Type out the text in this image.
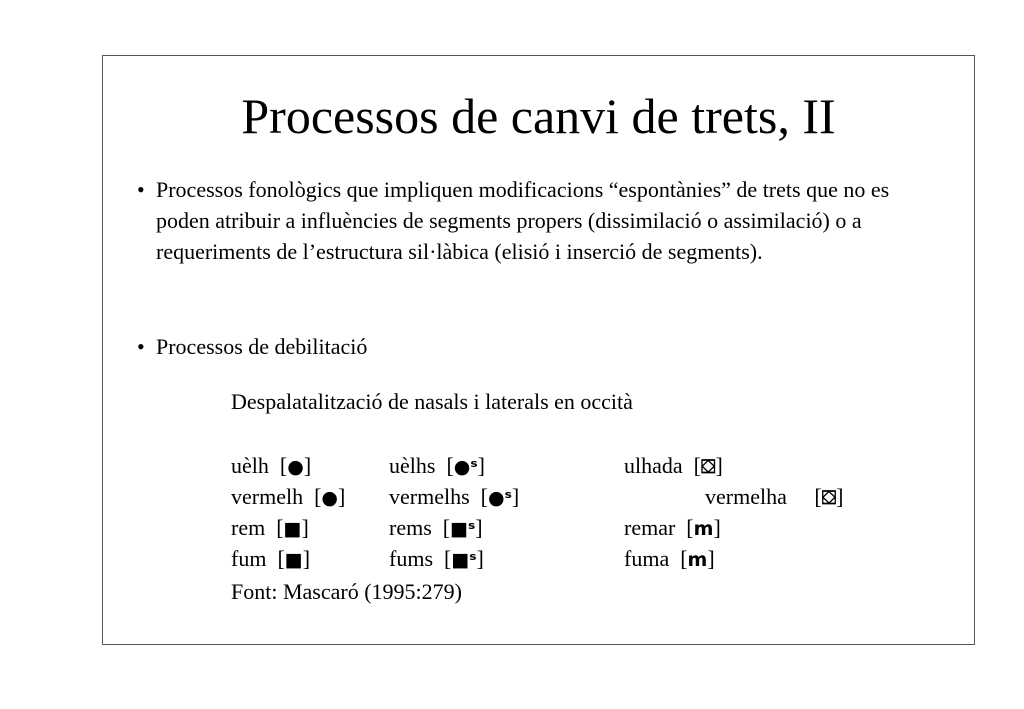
Processos de canvi de trets, II
• Processos fonològics que impliquen modificacions “espontànies” de trets que no es poden atribuir a influències de segments propers (dissimilació o assimilació) o a requeriments de l’estructura sil·làbica (elisió i inserció de segments).
• Processos de debilitació
Despalatalització de nasals i laterals en occità
uèlh [●]	uèlhs [●ˢ]	ulhada [⛋]
vermelh [●] vermelhs [●ˢ]	vermelha [⛋]
rem [■]	rems [■ˢ]	remar [m]
fum [■]	fums [■ˢ]	fuma [m]
Font: Mascaró (1995:279)
